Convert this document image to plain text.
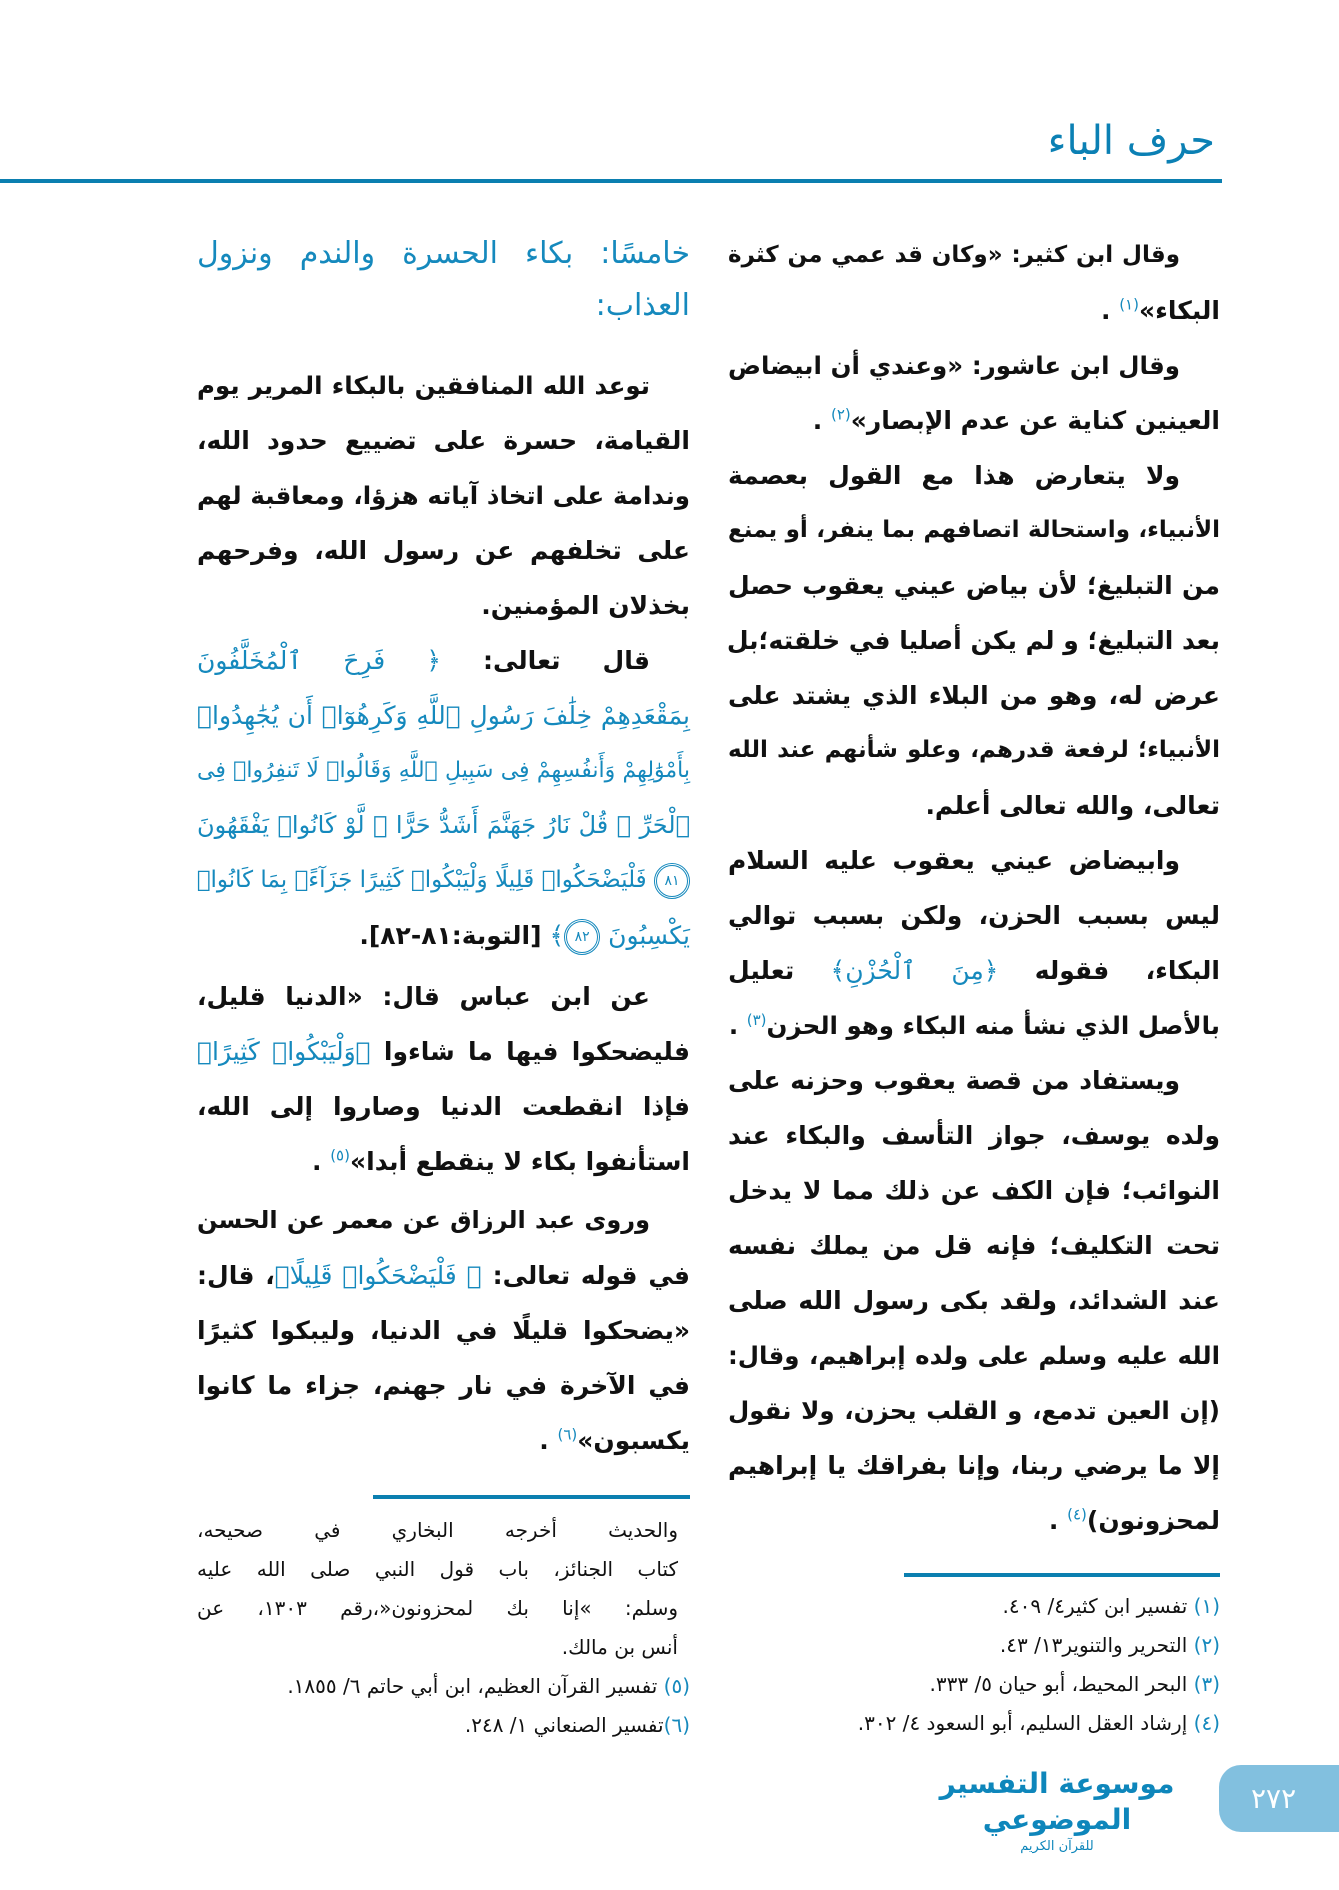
حرف الباء
وقال ابن كثير: «وكان قد عمي من كثرة
البكاء»$^{(١)}$ .
وقال ابن عاشور: «وعندي أن ابيضاض
العينين كناية عن عدم الإبصار»$^{(٢)}$ .
ولا يتعارض هذا مع القول بعصمة
الأنبياء، واستحالة اتصافهم بما ينفر، أو يمنع
من التبليغ؛ لأن بياض عيني يعقوب حصل
بعد التبليغ؛ و لم يكن أصليا في خلقته؛بل
عرض له، وهو من البلاء الذي يشتد على
الأنبياء؛ لرفعة قدرهم، وعلو شأنهم عند الله
تعالى، والله تعالى أعلم.
وابيضاض عيني يعقوب عليه السلام
ليس بسبب الحزن، ولكن بسبب توالي
البكاء، فقوله ﴿مِنَ ٱلْحُزْنِ﴾ تعليل
بالأصل الذي نشأ منه البكاء وهو الحزن$^{(٣)}$ .
ويستفاد من قصة يعقوب وحزنه على
ولده يوسف، جواز التأسف والبكاء عند
النوائب؛ فإن الكف عن ذلك مما لا يدخل
تحت التكليف؛ فإنه قل من يملك نفسه
عند الشدائد، ولقد بكى رسول الله صلى
الله عليه وسلم على ولده إبراهيم، وقال:
(إن العين تدمع، و القلب يحزن، ولا نقول
إلا ما يرضي ربنا، وإنا بفراقك يا إبراهيم
لمحزونون)$^{(٤)}$ .
خامسًا: بكاء الحسرة والندم ونزول
العذاب:
توعد الله المنافقين بالبكاء المرير يوم
القيامة، حسرة على تضييع حدود الله،
وندامة على اتخاذ آياته هزؤا، ومعاقبة لهم
على تخلفهم عن رسول الله، وفرحهم
بخذلان المؤمنين.
قال تعالى: ﴿ فَرِحَ ٱلْمُخَلَّفُونَ
بِمَقْعَدِهِمْ خِلَٰفَ رَسُولِ ٱللَّهِ وَكَرِهُوٓا۟ أَن يُجَٰهِدُوا۟
بِأَمْوَٰلِهِمْ وَأَنفُسِهِمْ فِى سَبِيلِ ٱللَّهِ وَقَالُوا۟ لَا تَنفِرُوا۟ فِى
ٱلْحَرِّ ۗ قُلْ نَارُ جَهَنَّمَ أَشَدُّ حَرًّا ۚ لَّوْ كَانُوا۟ يَفْقَهُونَ
٨١ فَلْيَضْحَكُوا۟ قَلِيلًا وَلْيَبْكُوا۟ كَثِيرًا جَزَآءًۢ بِمَا كَانُوا۟
يَكْسِبُونَ ٨٢﴾ [التوبة:٨١-٨٢].
عن ابن عباس قال: «الدنيا قليل،
فليضحكوا فيها ما شاءوا ﴿وَلْيَبْكُوا۟ كَثِيرًا﴾
فإذا انقطعت الدنيا وصاروا إلى الله،
استأنفوا بكاء لا ينقطع أبدا»$^{(٥)}$ .
وروى عبد الرزاق عن معمر عن الحسن
في قوله تعالى: ﴿ فَلْيَضْحَكُوا۟ قَلِيلًا﴾، قال:
«يضحكوا قليلًا في الدنيا، وليبكوا كثيرًا
في الآخرة في نار جهنم، جزاء ما كانوا
يكسبون»$^{(٦)}$ .
والحديث أخرجه البخاري في صحيحه،
كتاب الجنائز، باب قول النبي صلى الله عليه
وسلم: »إنا بك لمحزونون«،رقم ١٣٠٣، عن
أنس بن مالك.
(٥) تفسير القرآن العظيم، ابن أبي حاتم ٦/ ١٨٥٥.
(٦)تفسير الصنعاني ١/ ٢٤٨.
(١) تفسير ابن كثير٤/ ٤٠٩.
(٢) التحرير والتنوير١٣/ ٤٣.
(٣) البحر المحيط، أبو حيان ٥/ ٣٣٣.
(٤) إرشاد العقل السليم، أبو السعود ٤/ ٣٠٢.
موسوعة التفسير الموضوعي
للقرآن الكريم
٢٧٢
